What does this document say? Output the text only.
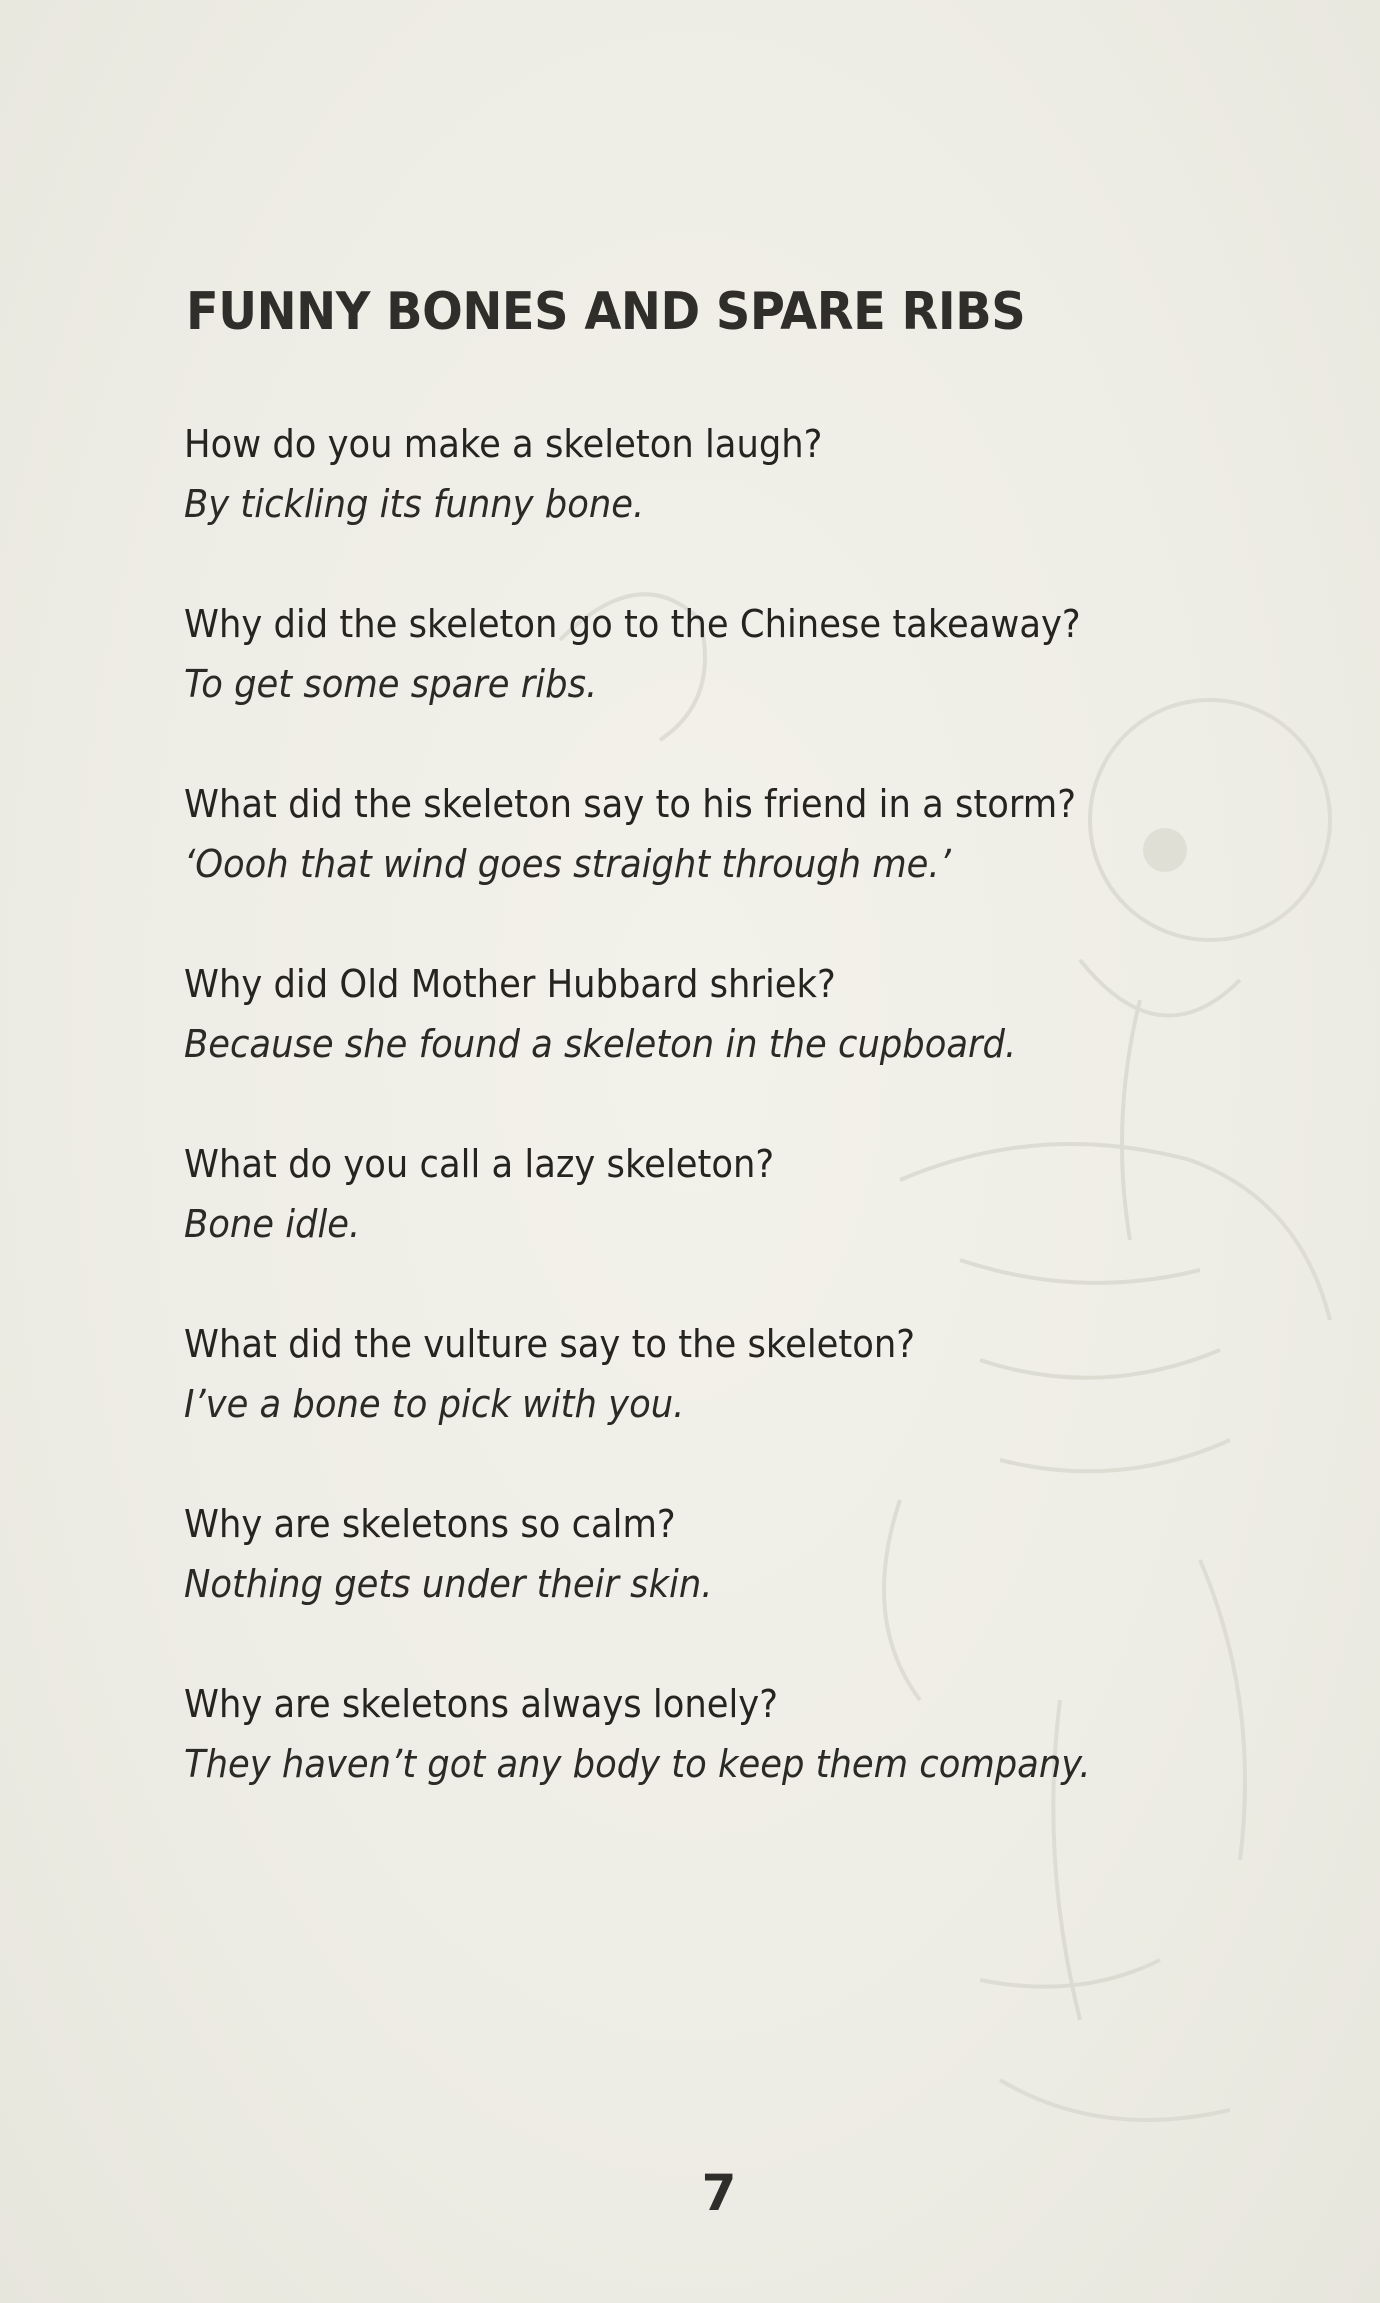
FUNNY BONES AND SPARE RIBS
How do you make a skeleton laugh?
By tickling its funny bone.
Why did the skeleton go to the Chinese takeaway?
To get some spare ribs.
What did the skeleton say to his friend in a storm?
‘Oooh that wind goes straight through me.’
Why did Old Mother Hubbard shriek?
Because she found a skeleton in the cupboard.
What do you call a lazy skeleton?
Bone idle.
What did the vulture say to the skeleton?
I’ve a bone to pick with you.
Why are skeletons so calm?
Nothing gets under their skin.
Why are skeletons always lonely?
They haven’t got any body to keep them company.
7
